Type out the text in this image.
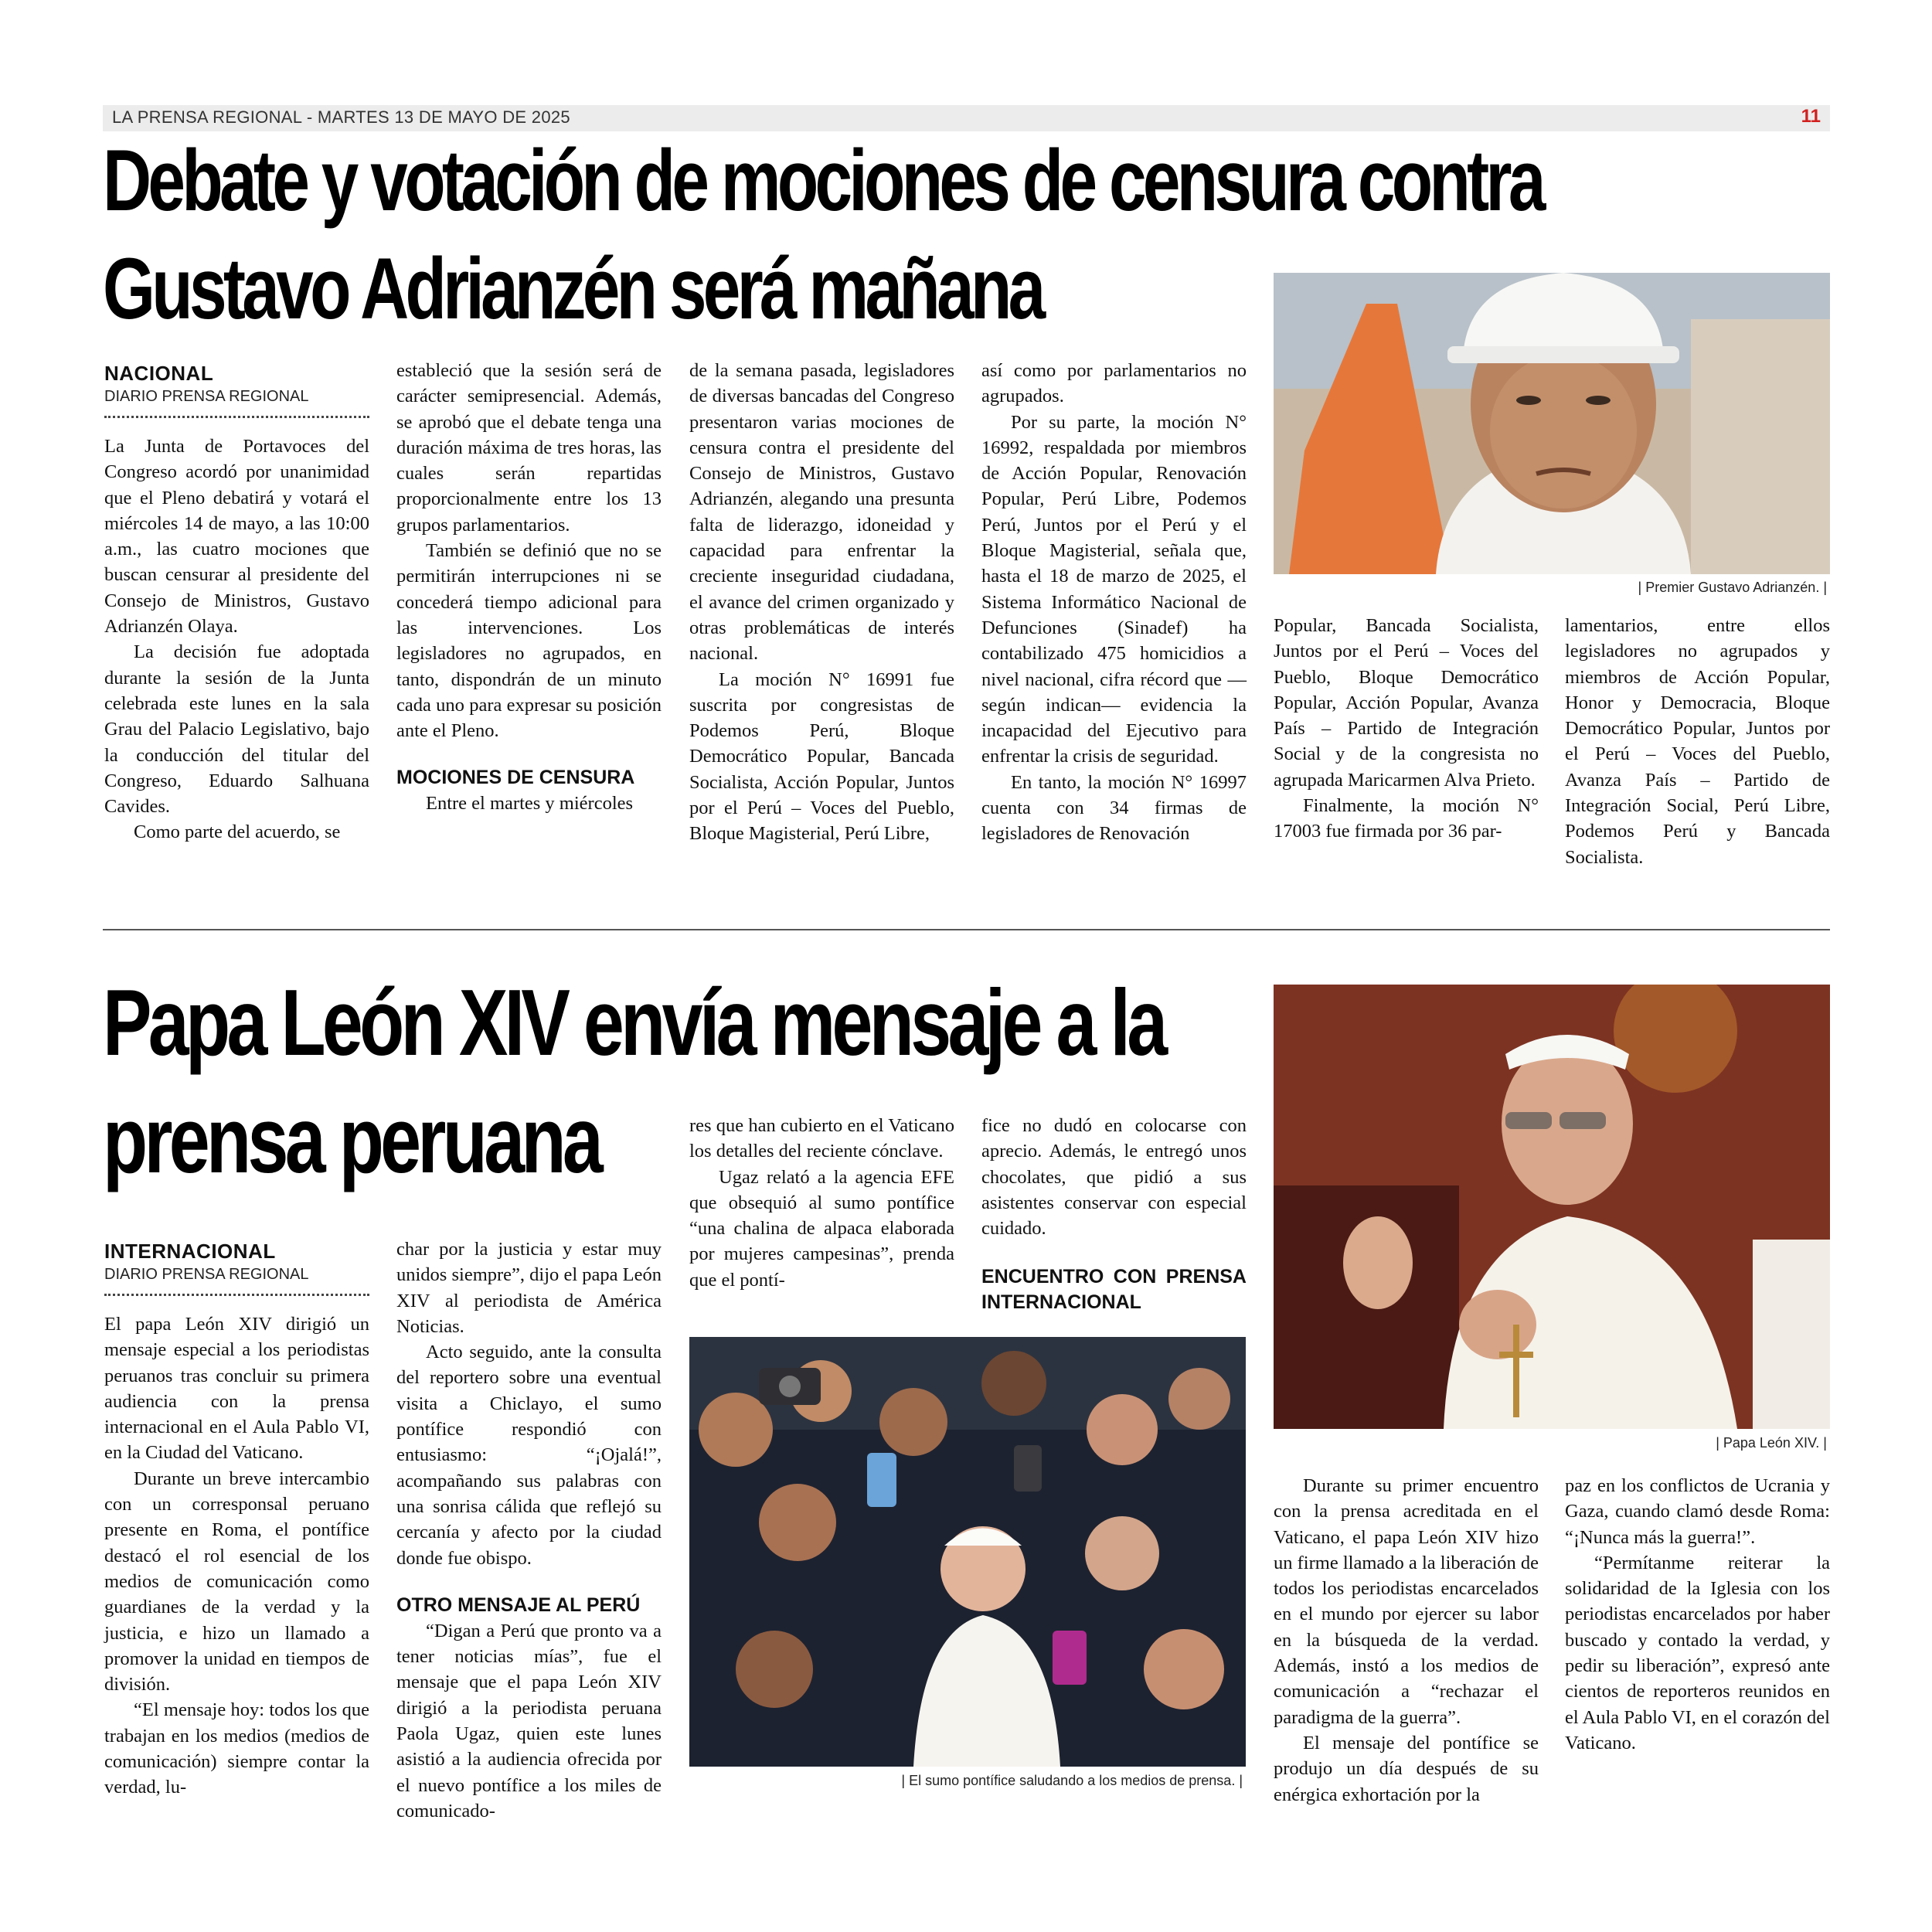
LA PRENSA REGIONAL - MARTES 13 DE MAYO DE 2025	11
Debate y votación de mociones de censura contra
Gustavo Adrianzén será mañana
NACIONAL
DIARIO PRENSA REGIONAL

La Junta de Portavoces del Congreso acordó por unanimidad que el Pleno debatirá y votará el miércoles 14 de mayo, a las 10:00 a.m., las cuatro mociones que buscan censurar al presidente del Consejo de Ministros, Gustavo Adrianzén Olaya.

La decisión fue adoptada durante la sesión de la Junta celebrada este lunes en la sala Grau del Palacio Legislativo, bajo la conducción del titular del Congreso, Eduardo Salhuana Cavides.

Como parte del acuerdo, se

estableció que la sesión será de carácter semipresencial. Además, se aprobó que el debate tenga una duración máxima de tres horas, las cuales serán repartidas proporcionalmente entre los 13 grupos parlamentarios.

También se definió que no se permitirán interrupciones ni se concederá tiempo adicional para las intervenciones. Los legisladores no agrupados, en tanto, dispondrán de un minuto cada uno para expresar su posición ante el Pleno.

MOCIONES DE CENSURA

Entre el martes y miércoles

de la semana pasada, legisladores de diversas bancadas del Congreso presentaron varias mociones de censura contra el presidente del Consejo de Ministros, Gustavo Adrianzén, alegando una presunta falta de liderazgo, idoneidad y capacidad para enfrentar la creciente inseguridad ciudadana, el avance del crimen organizado y otras problemáticas de interés nacional.

La moción N° 16991 fue suscrita por congresistas de Podemos Perú, Bloque Democrático Popular, Bancada Socialista, Acción Popular, Juntos por el Perú – Voces del Pueblo, Bloque Magisterial, Perú Libre,

así como por parlamentarios no agrupados.

Por su parte, la moción N° 16992, respaldada por miembros de Acción Popular, Renovación Popular, Perú Libre, Podemos Perú, Juntos por el Perú y el Bloque Magisterial, señala que, hasta el 18 de marzo de 2025, el Sistema Informático Nacional de Defunciones (Sinadef) ha contabilizado 475 homicidios a nivel nacional, cifra récord que —según indican— evidencia la incapacidad del Ejecutivo para enfrentar la crisis de seguridad.

En tanto, la moción N° 16997 cuenta con 34 firmas de legisladores de Renovación

| Premier Gustavo Adrianzén. |

Popular, Bancada Socialista, Juntos por el Perú – Voces del Pueblo, Bloque Democrático Popular, Acción Popular, Avanza País – Partido de Integración Social y de la congresista no agrupada Maricarmen Alva Prieto.

Finalmente, la moción N° 17003 fue firmada por 36 par-

lamentarios, entre ellos legisladores no agrupados y miembros de Acción Popular, Honor y Democracia, Bloque Democrático Popular, Juntos por el Perú – Voces del Pueblo, Avanza País – Partido de Integración Social, Perú Libre, Podemos Perú y Bancada Socialista.

Papa León XIV envía mensaje a la
prensa peruana
INTERNACIONAL
DIARIO PRENSA REGIONAL

El papa León XIV dirigió un mensaje especial a los periodistas peruanos tras concluir su primera audiencia con la prensa internacional en el Aula Pablo VI, en la Ciudad del Vaticano.

Durante un breve intercambio con un corresponsal peruano presente en Roma, el pontífice destacó el rol esencial de los medios de comunicación como guardianes de la verdad y la justicia, e hizo un llamado a promover la unidad en tiempos de división.

“El mensaje hoy: todos los que trabajan en los medios (medios de comunicación) siempre contar la verdad, lu-

char por la justicia y estar muy unidos siempre”, dijo el papa León XIV al periodista de América Noticias.

Acto seguido, ante la consulta del reportero sobre una eventual visita a Chiclayo, el sumo pontífice respondió con entusiasmo: “¡Ojalá!”, acompañando sus palabras con una sonrisa cálida que reflejó su cercanía y afecto por la ciudad donde fue obispo.

OTRO MENSAJE AL PERÚ

“Digan a Perú que pronto va a tener noticias mías”, fue el mensaje que el papa León XIV dirigió a la periodista peruana Paola Ugaz, quien este lunes asistió a la audiencia ofrecida por el nuevo pontífice a los miles de comunicado-

res que han cubierto en el Vaticano los detalles del reciente cónclave.

Ugaz relató a la agencia EFE que obsequió al sumo pontífice “una chalina de alpaca elaborada por mujeres campesinas”, prenda que el pontí-

fice no dudó en colocarse con aprecio. Además, le entregó unos chocolates, que pidió a sus asistentes conservar con especial cuidado.

ENCUENTRO CON PRENSA INTERNACIONAL
| El sumo pontífice saludando a los medios de prensa. |
| Papa León XIV. |

Durante su primer encuentro con la prensa acreditada en el Vaticano, el papa León XIV hizo un firme llamado a la liberación de todos los periodistas encarcelados en el mundo por ejercer su labor en la búsqueda de la verdad. Además, instó a los medios de comunicación a “rechazar el paradigma de la guerra”.

El mensaje del pontífice se produjo un día después de su enérgica exhortación por la

paz en los conflictos de Ucrania y Gaza, cuando clamó desde Roma: “¡Nunca más la guerra!”.

“Permítanme reiterar la solidaridad de la Iglesia con los periodistas encarcelados por haber buscado y contado la verdad, y pedir su liberación”, expresó ante cientos de reporteros reunidos en el Aula Pablo VI, en el corazón del Vaticano.
